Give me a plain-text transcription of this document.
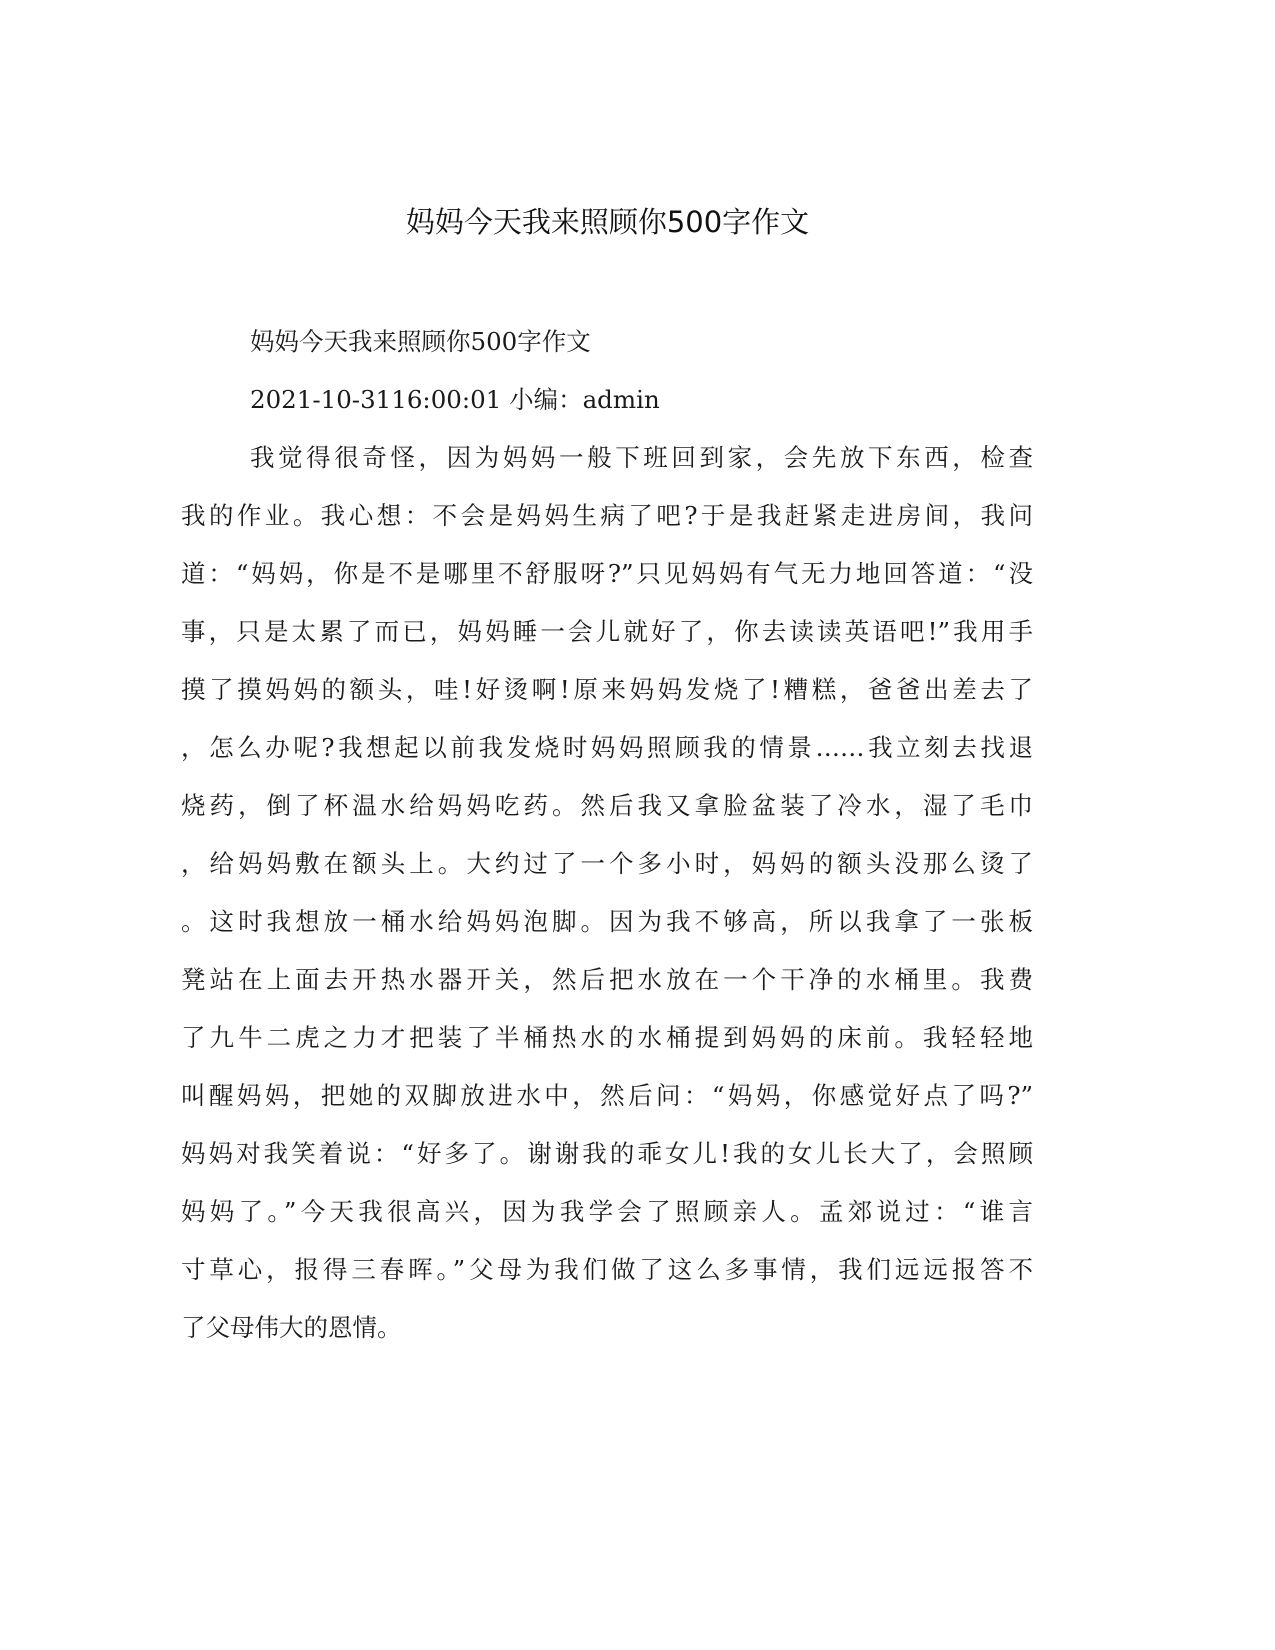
妈妈今天我来照顾你500字作文
妈妈今天我来照顾你500字作文
2021-10-3116:00:01 小编：admin
我觉得很奇怪，因为妈妈一般下班回到家，会先放下东西，检查
我的作业。我心想：不会是妈妈生病了吧?于是我赶紧走进房间，我问
道：“妈妈，你是不是哪里不舒服呀?”只见妈妈有气无力地回答道：“没
事，只是太累了而已，妈妈睡一会儿就好了，你去读读英语吧!”我用手
摸了摸妈妈的额头，哇!好烫啊!原来妈妈发烧了!糟糕，爸爸出差去了
，怎么办呢?我想起以前我发烧时妈妈照顾我的情景……我立刻去找退
烧药，倒了杯温水给妈妈吃药。然后我又拿脸盆装了冷水，湿了毛巾
，给妈妈敷在额头上。大约过了一个多小时，妈妈的额头没那么烫了
。这时我想放一桶水给妈妈泡脚。因为我不够高，所以我拿了一张板
凳站在上面去开热水器开关，然后把水放在一个干净的水桶里。我费
了九牛二虎之力才把装了半桶热水的水桶提到妈妈的床前。我轻轻地
叫醒妈妈，把她的双脚放进水中，然后问：“妈妈，你感觉好点了吗?”
妈妈对我笑着说：“好多了。谢谢我的乖女儿!我的女儿长大了，会照顾
妈妈了。”今天我很高兴，因为我学会了照顾亲人。孟郊说过：“谁言
寸草心，报得三春晖。”父母为我们做了这么多事情，我们远远报答不
了父母伟大的恩情。
